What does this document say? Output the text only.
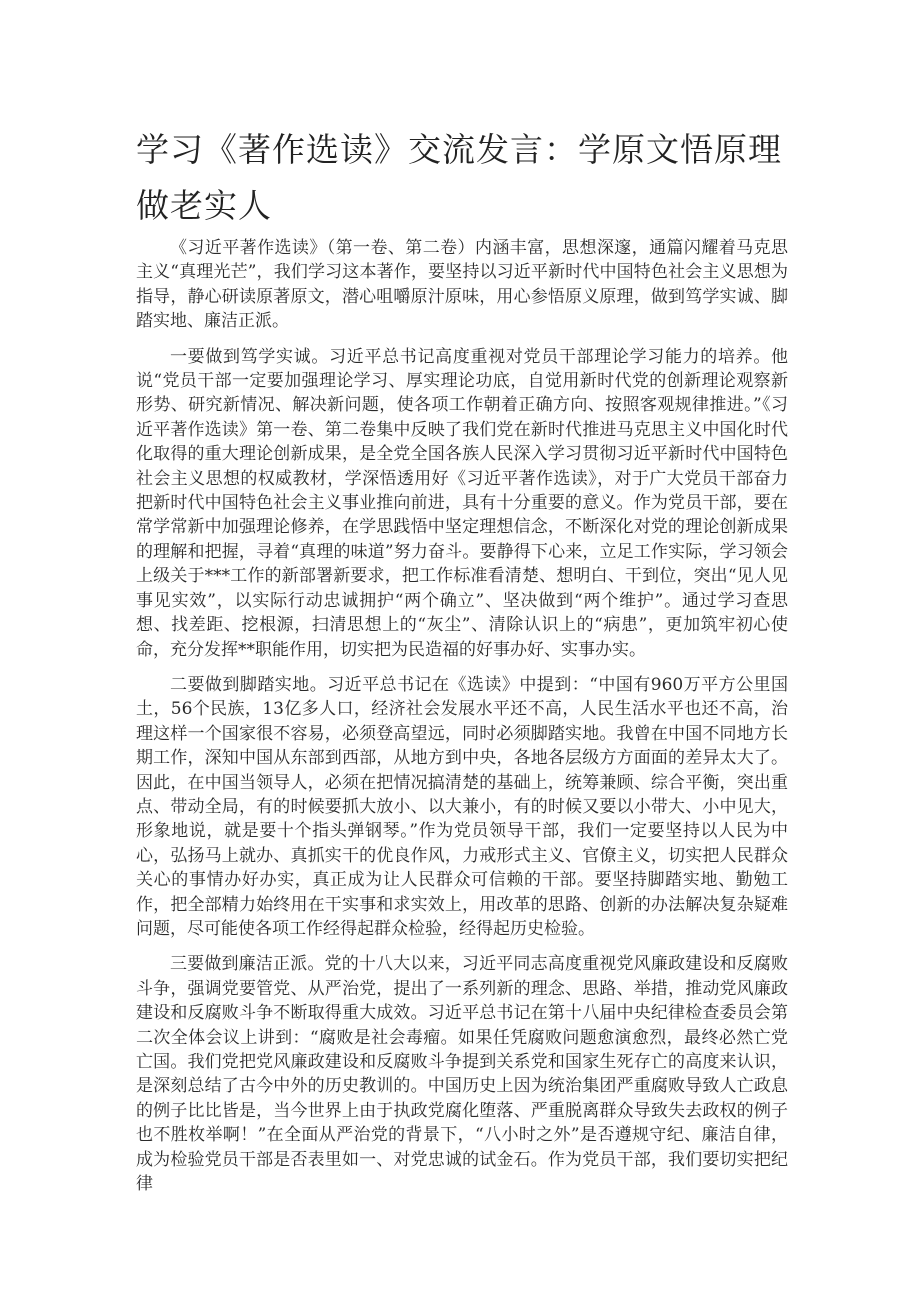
学习《著作选读》交流发言：学原文悟原理做老实人

《习近平著作选读》（第一卷、第二卷）内涵丰富，思想深邃，通篇闪耀着马克思主义“真理光芒”，我们学习这本著作，要坚持以习近平新时代中国特色社会主义思想为指导，静心研读原著原文，潜心咀嚼原汁原味，用心参悟原义原理，做到笃学实诚、脚踏实地、廉洁正派。

一要做到笃学实诚。习近平总书记高度重视对党员干部理论学习能力的培养。他说“党员干部一定要加强理论学习、厚实理论功底，自觉用新时代党的创新理论观察新形势、研究新情况、解决新问题，使各项工作朝着正确方向、按照客观规律推进。”《习近平著作选读》第一卷、第二卷集中反映了我们党在新时代推进马克思主义中国化时代化取得的重大理论创新成果，是全党全国各族人民深入学习贯彻习近平新时代中国特色社会主义思想的权威教材，学深悟透用好《习近平著作选读》，对于广大党员干部奋力把新时代中国特色社会主义事业推向前进，具有十分重要的意义。作为党员干部，要在常学常新中加强理论修养，在学思践悟中坚定理想信念，不断深化对党的理论创新成果的理解和把握，寻着“真理的味道”努力奋斗。要静得下心来，立足工作实际，学习领会上级关于***工作的新部署新要求，把工作标准看清楚、想明白、干到位，突出“见人见事见实效”，以实际行动忠诚拥护“两个确立”、坚决做到“两个维护”。通过学习查思想、找差距、挖根源，扫清思想上的“灰尘”、清除认识上的“病患”，更加筑牢初心使命，充分发挥**职能作用，切实把为民造福的好事办好、实事办实。

二要做到脚踏实地。习近平总书记在《选读》中提到：“中国有960万平方公里国土，56个民族，13亿多人口，经济社会发展水平还不高，人民生活水平也还不高，治理这样一个国家很不容易，必须登高望远，同时必须脚踏实地。我曾在中国不同地方长期工作，深知中国从东部到西部，从地方到中央，各地各层级方方面面的差异太大了。因此，在中国当领导人，必须在把情况搞清楚的基础上，统筹兼顾、综合平衡，突出重点、带动全局，有的时候要抓大放小、以大兼小，有的时候又要以小带大、小中见大，形象地说，就是要十个指头弹钢琴。”作为党员领导干部，我们一定要坚持以人民为中心，弘扬马上就办、真抓实干的优良作风，力戒形式主义、官僚主义，切实把人民群众关心的事情办好办实，真正成为让人民群众可信赖的干部。要坚持脚踏实地、勤勉工作，把全部精力始终用在干实事和求实效上，用改革的思路、创新的办法解决复杂疑难问题，尽可能使各项工作经得起群众检验，经得起历史检验。

三要做到廉洁正派。党的十八大以来，习近平同志高度重视党风廉政建设和反腐败斗争，强调党要管党、从严治党，提出了一系列新的理念、思路、举措，推动党风廉政建设和反腐败斗争不断取得重大成效。习近平总书记在第十八届中央纪律检查委员会第二次全体会议上讲到：“腐败是社会毒瘤。如果任凭腐败问题愈演愈烈，最终必然亡党亡国。我们党把党风廉政建设和反腐败斗争提到关系党和国家生死存亡的高度来认识，是深刻总结了古今中外的历史教训的。中国历史上因为统治集团严重腐败导致人亡政息的例子比比皆是，当今世界上由于执政党腐化堕落、严重脱离群众导致失去政权的例子也不胜枚举啊！”在全面从严治党的背景下，“八小时之外”是否遵规守纪、廉洁自律，成为检验党员干部是否表里如一、对党忠诚的试金石。作为党员干部，我们要切实把纪律
